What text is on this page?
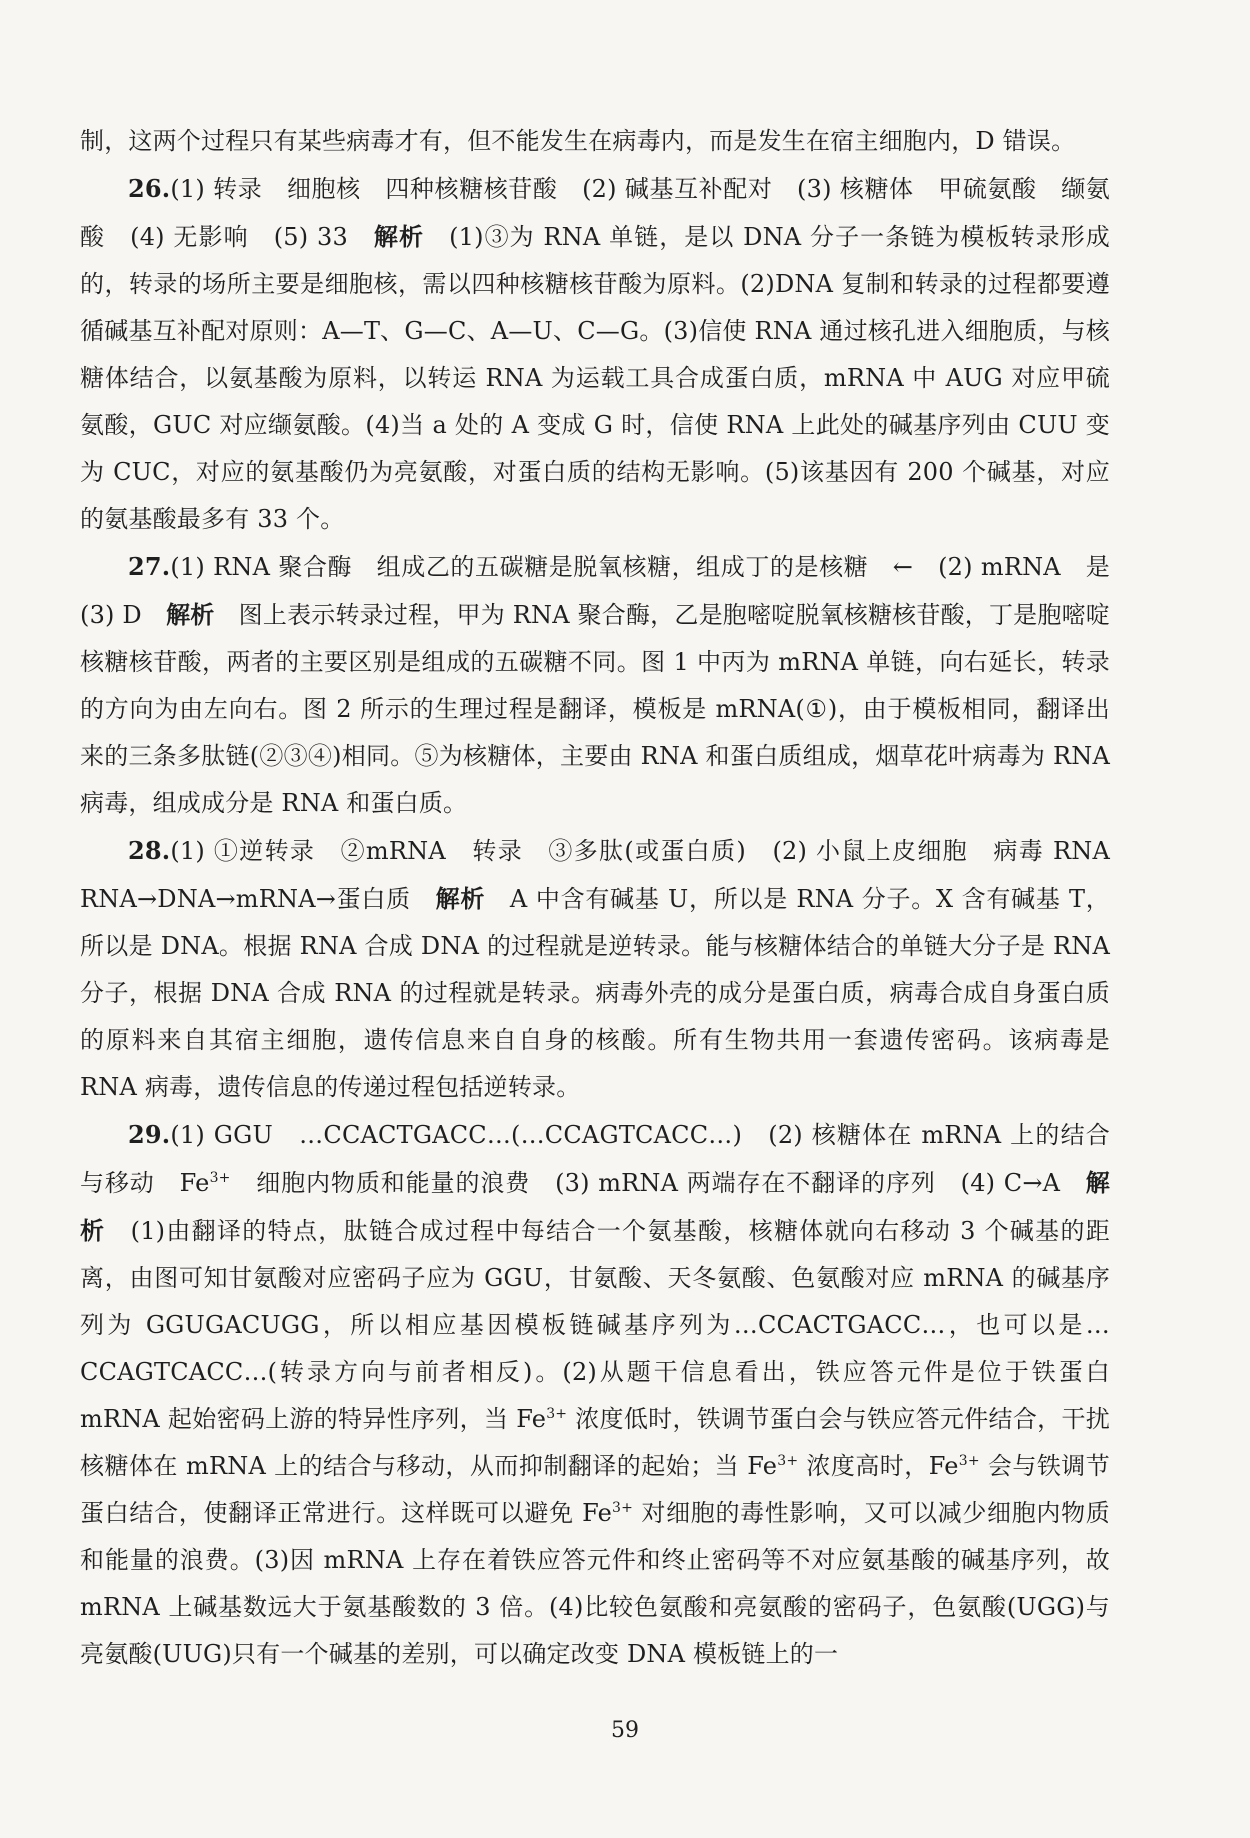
制，这两个过程只有某些病毒才有，但不能发生在病毒内，而是发生在宿主细胞内，D 错误。

26.(1) 转录　细胞核　四种核糖核苷酸　(2) 碱基互补配对　(3) 核糖体　甲硫氨酸　缬氨酸　(4) 无影响　(5) 33　解析　(1)③为 RNA 单链，是以 DNA 分子一条链为模板转录形成的，转录的场所主要是细胞核，需以四种核糖核苷酸为原料。(2)DNA 复制和转录的过程都要遵循碱基互补配对原则：A—T、G—C、A—U、C—G。(3)信使 RNA 通过核孔进入细胞质，与核糖体结合，以氨基酸为原料，以转运 RNA 为运载工具合成蛋白质，mRNA 中 AUG 对应甲硫氨酸，GUC 对应缬氨酸。(4)当 a 处的 A 变成 G 时，信使 RNA 上此处的碱基序列由 CUU 变为 CUC，对应的氨基酸仍为亮氨酸，对蛋白质的结构无影响。(5)该基因有 200 个碱基，对应的氨基酸最多有 33 个。

27.(1) RNA 聚合酶　组成乙的五碳糖是脱氧核糖，组成丁的是核糖　←　(2) mRNA　是　(3) D　解析　图上表示转录过程，甲为 RNA 聚合酶，乙是胞嘧啶脱氧核糖核苷酸，丁是胞嘧啶核糖核苷酸，两者的主要区别是组成的五碳糖不同。图 1 中丙为 mRNA 单链，向右延长，转录的方向为由左向右。图 2 所示的生理过程是翻译，模板是 mRNA(①)，由于模板相同，翻译出来的三条多肽链(②③④)相同。⑤为核糖体，主要由 RNA 和蛋白质组成，烟草花叶病毒为 RNA 病毒，组成成分是 RNA 和蛋白质。

28.(1) ①逆转录　②mRNA　转录　③多肽(或蛋白质)　(2) 小鼠上皮细胞　病毒 RNA　RNA→DNA→mRNA→蛋白质　解析　A 中含有碱基 U，所以是 RNA 分子。X 含有碱基 T，所以是 DNA。根据 RNA 合成 DNA 的过程就是逆转录。能与核糖体结合的单链大分子是 RNA 分子，根据 DNA 合成 RNA 的过程就是转录。病毒外壳的成分是蛋白质，病毒合成自身蛋白质的原料来自其宿主细胞，遗传信息来自自身的核酸。所有生物共用一套遗传密码。该病毒是 RNA 病毒，遗传信息的传递过程包括逆转录。

29.(1) GGU　…CCACTGACC…(…CCAGTCACC…)　(2) 核糖体在 mRNA 上的结合与移动　$Fe^{3+}$　细胞内物质和能量的浪费　(3) mRNA 两端存在不翻译的序列　(4) C→A　解析　(1)由翻译的特点，肽链合成过程中每结合一个氨基酸，核糖体就向右移动 3 个碱基的距离，由图可知甘氨酸对应密码子应为 GGU，甘氨酸、天冬氨酸、色氨酸对应 mRNA 的碱基序列为 GGUGACUGG，所以相应基因模板链碱基序列为…CCACTGACC…，也可以是…CCAGTCACC…(转录方向与前者相反)。(2)从题干信息看出，铁应答元件是位于铁蛋白 mRNA 起始密码上游的特异性序列，当 $Fe^{3+}$ 浓度低时，铁调节蛋白会与铁应答元件结合，干扰核糖体在 mRNA 上的结合与移动，从而抑制翻译的起始；当 $Fe^{3+}$ 浓度高时，$Fe^{3+}$ 会与铁调节蛋白结合，使翻译正常进行。这样既可以避免 $Fe^{3+}$ 对细胞的毒性影响，又可以减少细胞内物质和能量的浪费。(3)因 mRNA 上存在着铁应答元件和终止密码等不对应氨基酸的碱基序列，故 mRNA 上碱基数远大于氨基酸数的 3 倍。(4)比较色氨酸和亮氨酸的密码子，色氨酸(UGG)与亮氨酸(UUG)只有一个碱基的差别，可以确定改变 DNA 模板链上的一

59
